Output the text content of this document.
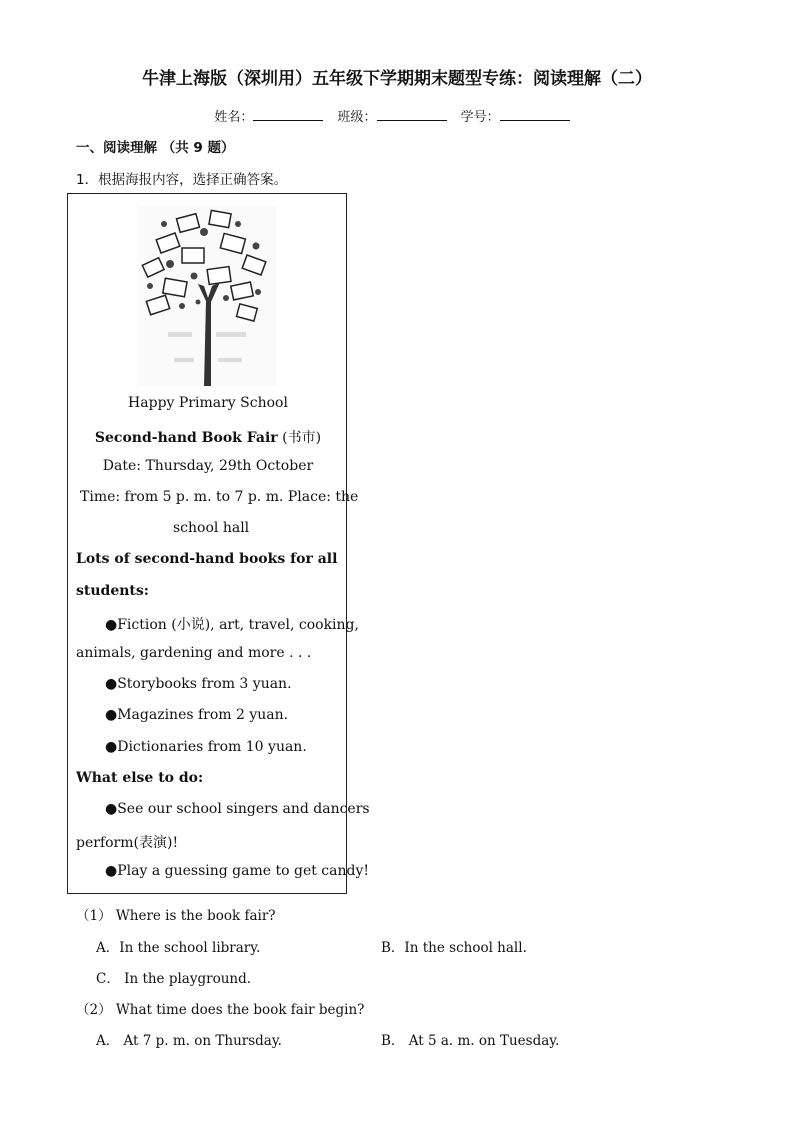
牛津上海版（深圳用）五年级下学期期末题型专练：阅读理解（二）
姓名：	班级：	学号：
一、阅读理解 （共 9 题）
1．根据海报内容，选择正确答案。
Happy Primary School
Second-hand Book Fair (书市)
Date: Thursday, 29th October
Time: from 5 p. m. to 7 p. m. Place: the
school hall
Lots of second-hand books for all
students:
●Fiction (小说), art, travel, cooking,
animals, gardening and more . . .
●Storybooks from 3 yuan.
●Magazines from 2 yuan.
●Dictionaries from 10 yuan.
What else to do:
●See our school singers and dancers
perform(表演)!
●Play a guessing game to get candy!
（1） Where is the book fair?
A．In the school library.	B．In the school hall.
C． In the playground.
（2） What time does the book fair begin?
A． At 7 p. m. on Thursday.	B． At 5 a. m. on Tuesday.
